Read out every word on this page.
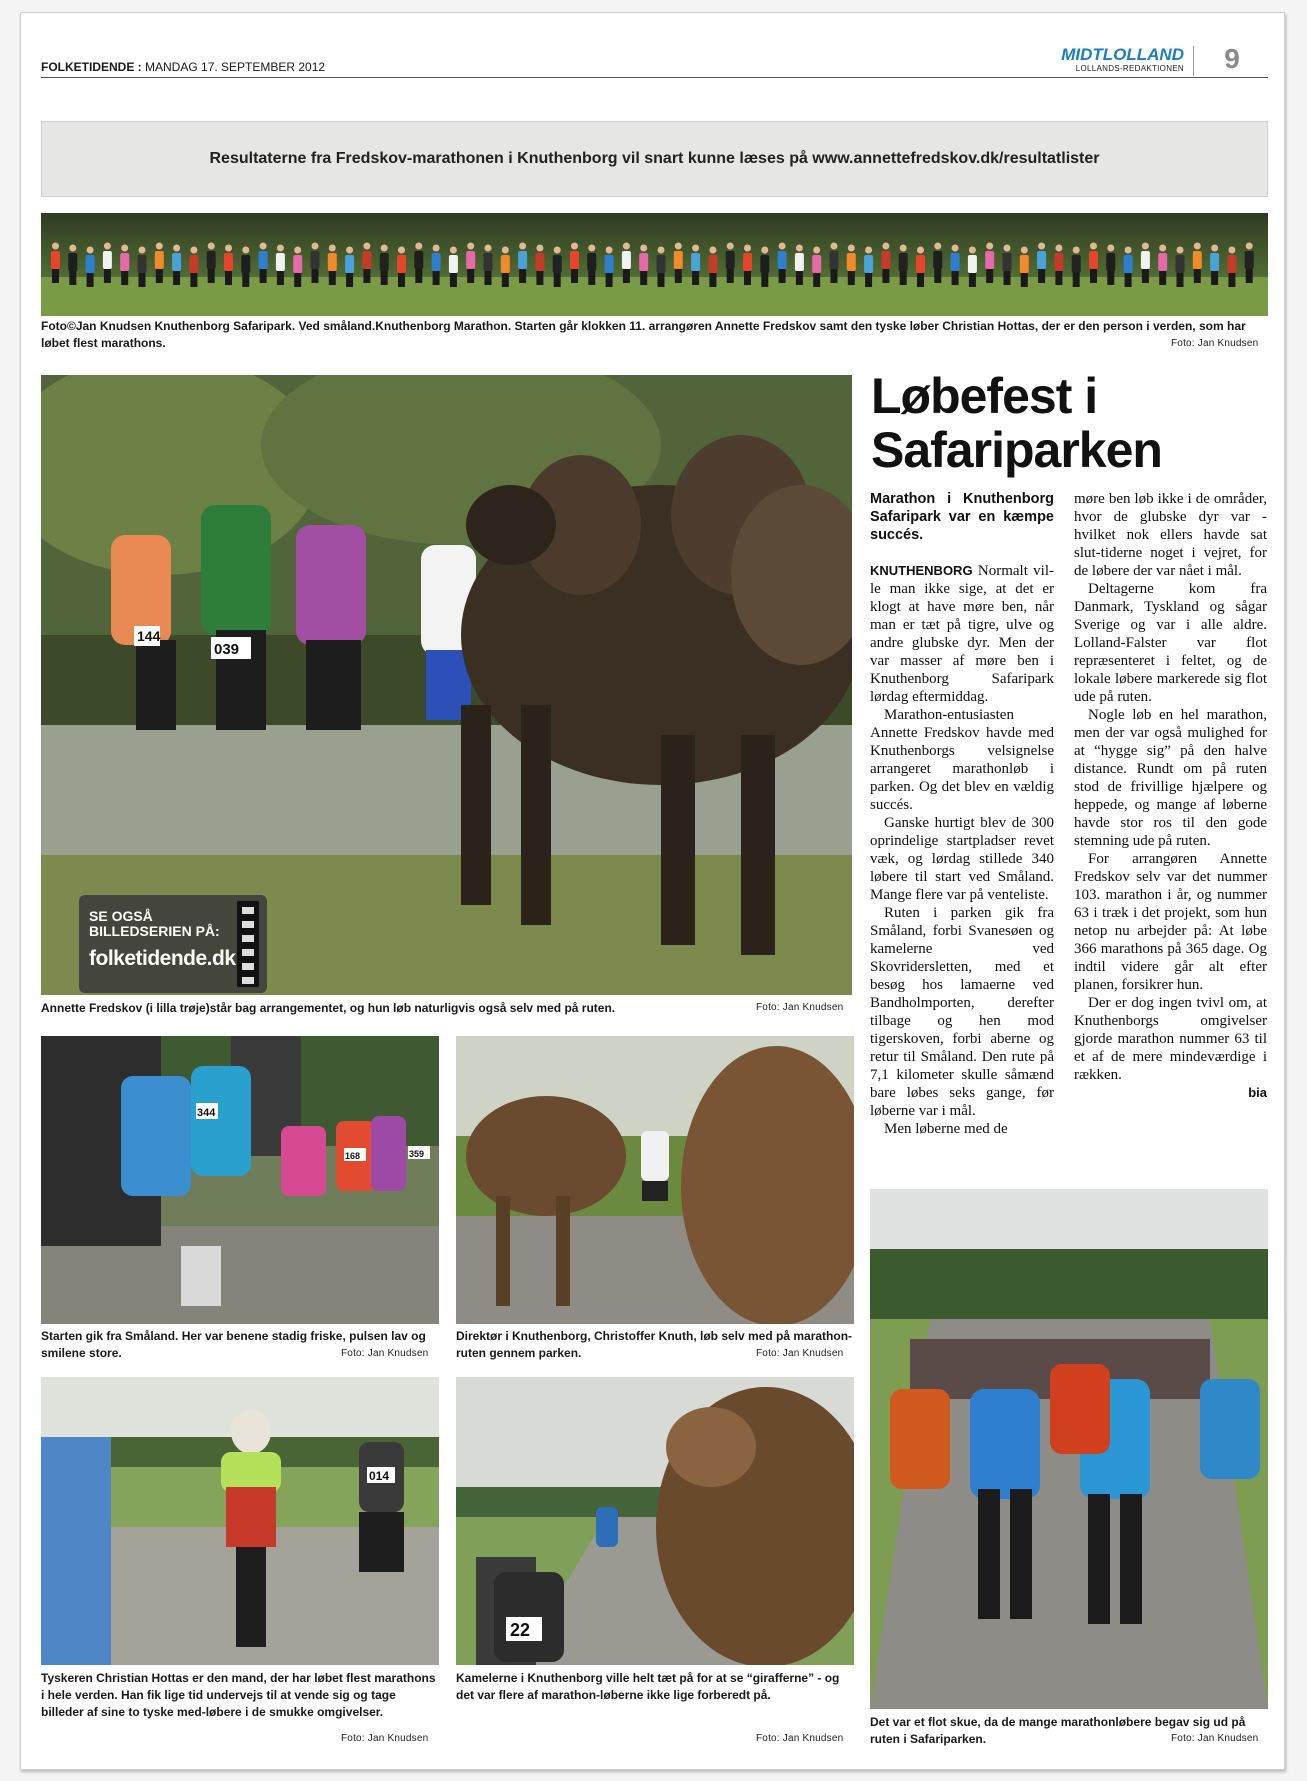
FOLKETIDENDE : MANDAG 17. SEPTEMBER 2012
MIDTLOLLAND
LOLLANDS-REDAKTIONEN	9
Resultaterne fra Fredskov-marathonen i Knuthenborg vil snart kunne læses på www.annettefredskov.dk/resultatlister
Foto©Jan Knudsen Knuthenborg Safaripark. Ved småland.Knuthenborg Marathon. Starten går klokken 11. arrangøren Annette Fredskov samt den tyske løber Christian Hottas, der er den person i verden, som har løbet flest marathons.	Foto: Jan Knudsen
144
039
SE OGSÅ
BILLEDSERIEN PÅ:
folketidende.dk
Annette Fredskov (i lilla trøje)står bag arrangementet, og hun løb naturligvis også selv med på ruten.	Foto: Jan Knudsen
344
168	359
Starten gik fra Småland. Her var benene stadig friske, pulsen lav og smilene store.	Foto: Jan Knudsen
Direktør i Knuthenborg, Christoffer Knuth, løb selv med på marathon-ruten gennem parken.	Foto: Jan Knudsen
014
Tyskeren Christian Hottas er den mand, der har løbet flest marathons i hele verden. Han fik lige tid undervejs til at vende sig og tage billeder af sine to tyske med-løbere i de smukke omgivelser.
Foto: Jan Knudsen
22
Kamelerne i Knuthenborg ville helt tæt på for at se “girafferne” - og det var flere af marathon-løberne ikke lige forberedt på.
Foto: Jan Knudsen
Det var et flot skue, da de mange marathonløbere begav sig ud på ruten i Safariparken.	Foto: Jan Knudsen
Løbefest i Safariparken
Marathon i Knuthenborg Safaripark var en kæmpe succés.

KNUTHENBORG Normalt vil-le man ikke sige, at det er klogt at have møre ben, når man er tæt på tigre, ulve og andre glubske dyr. Men der var masser af møre ben i Knuthenborg Safaripark lørdag eftermiddag.

Marathon-entusiasten Annette Fredskov havde med Knuthenborgs velsignelse arrangeret marathonløb i parken. Og det blev en vældig succés.

Ganske hurtigt blev de 300 oprindelige startpladser revet væk, og lørdag stillede 340 løbere til start ved Småland. Mange flere var på venteliste.

Ruten i parken gik fra Småland, forbi Svanesøen og kamelerne ved Skovridersletten, med et besøg hos lamaerne ved Bandholmporten, derefter tilbage og hen mod tigerskoven, forbi aberne og retur til Småland. Den rute på 7,1 kilometer skulle såmænd bare løbes seks gange, før løberne var i mål.

Men løberne med de

møre ben løb ikke i de områder, hvor de glubske dyr var - hvilket nok ellers havde sat slut-tiderne noget i vejret, for de løbere der var nået i mål.

Deltagerne kom fra Danmark, Tyskland og sågar Sverige og var i alle aldre. Lolland-Falster var flot repræsenteret i feltet, og de lokale løbere markerede sig flot ude på ruten.

Nogle løb en hel marathon, men der var også mulighed for at “hygge sig” på den halve distance. Rundt om på ruten stod de frivillige hjælpere og heppede, og mange af løberne havde stor ros til den gode stemning ude på ruten.

For arrangøren Annette Fredskov selv var det nummer 103. marathon i år, og nummer 63 i træk i det projekt, som hun netop nu arbejder på: At løbe 366 marathons på 365 dage. Og indtil videre går alt efter planen, forsikrer hun.

Der er dog ingen tvivl om, at Knuthenborgs omgivelser gjorde marathon nummer 63 til et af de mere mindeværdige i rækken.

bia
